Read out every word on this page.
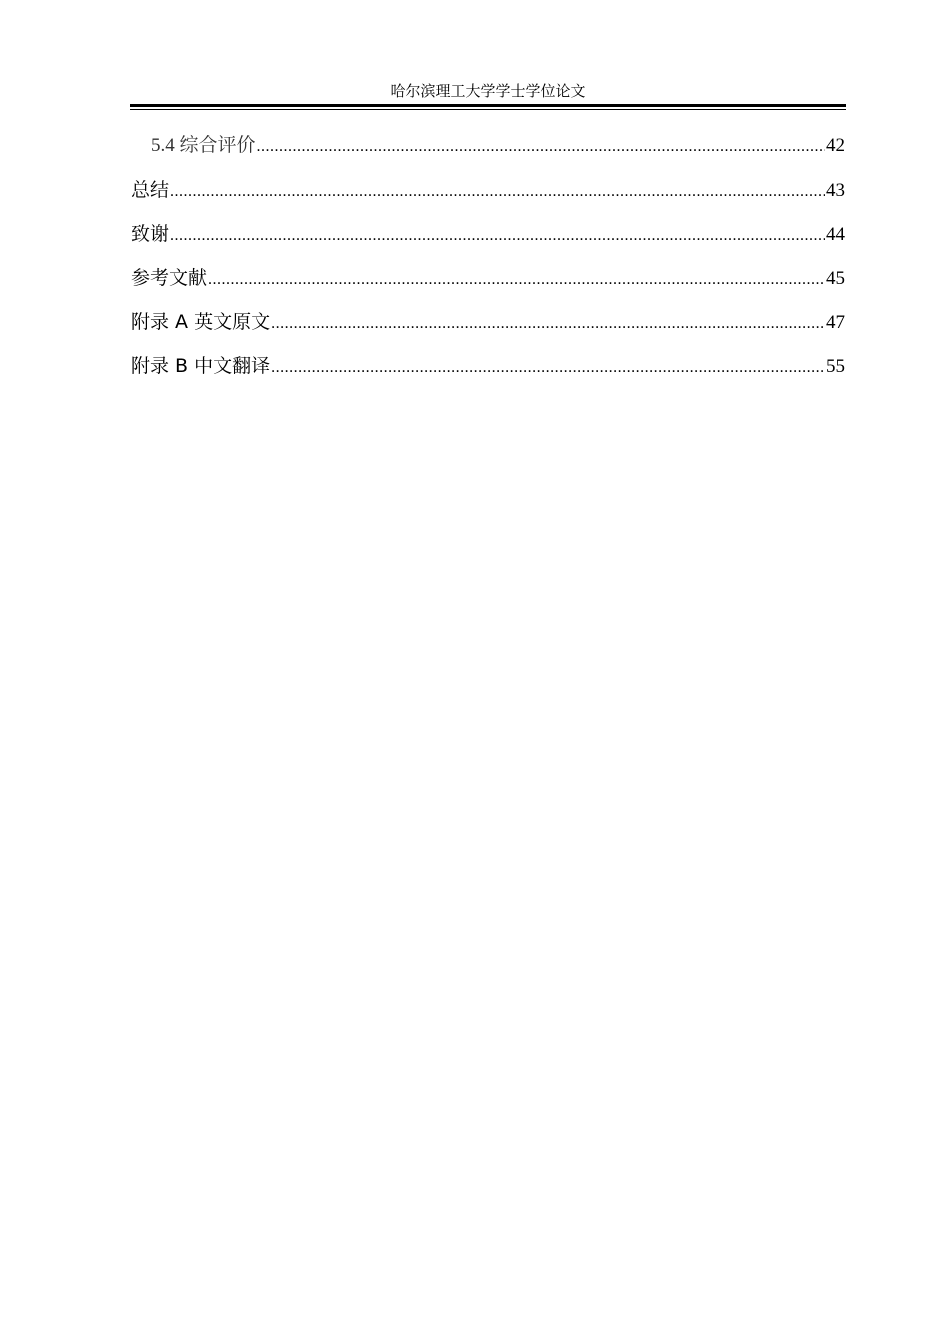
哈尔滨理工大学学士学位论文
5.4 综合评价 .....	42
总结 .....	43
致谢 .....	44
参考文献 .....	45
附录 A 英文原文 .....	47
附录 B 中文翻译 .....	55
